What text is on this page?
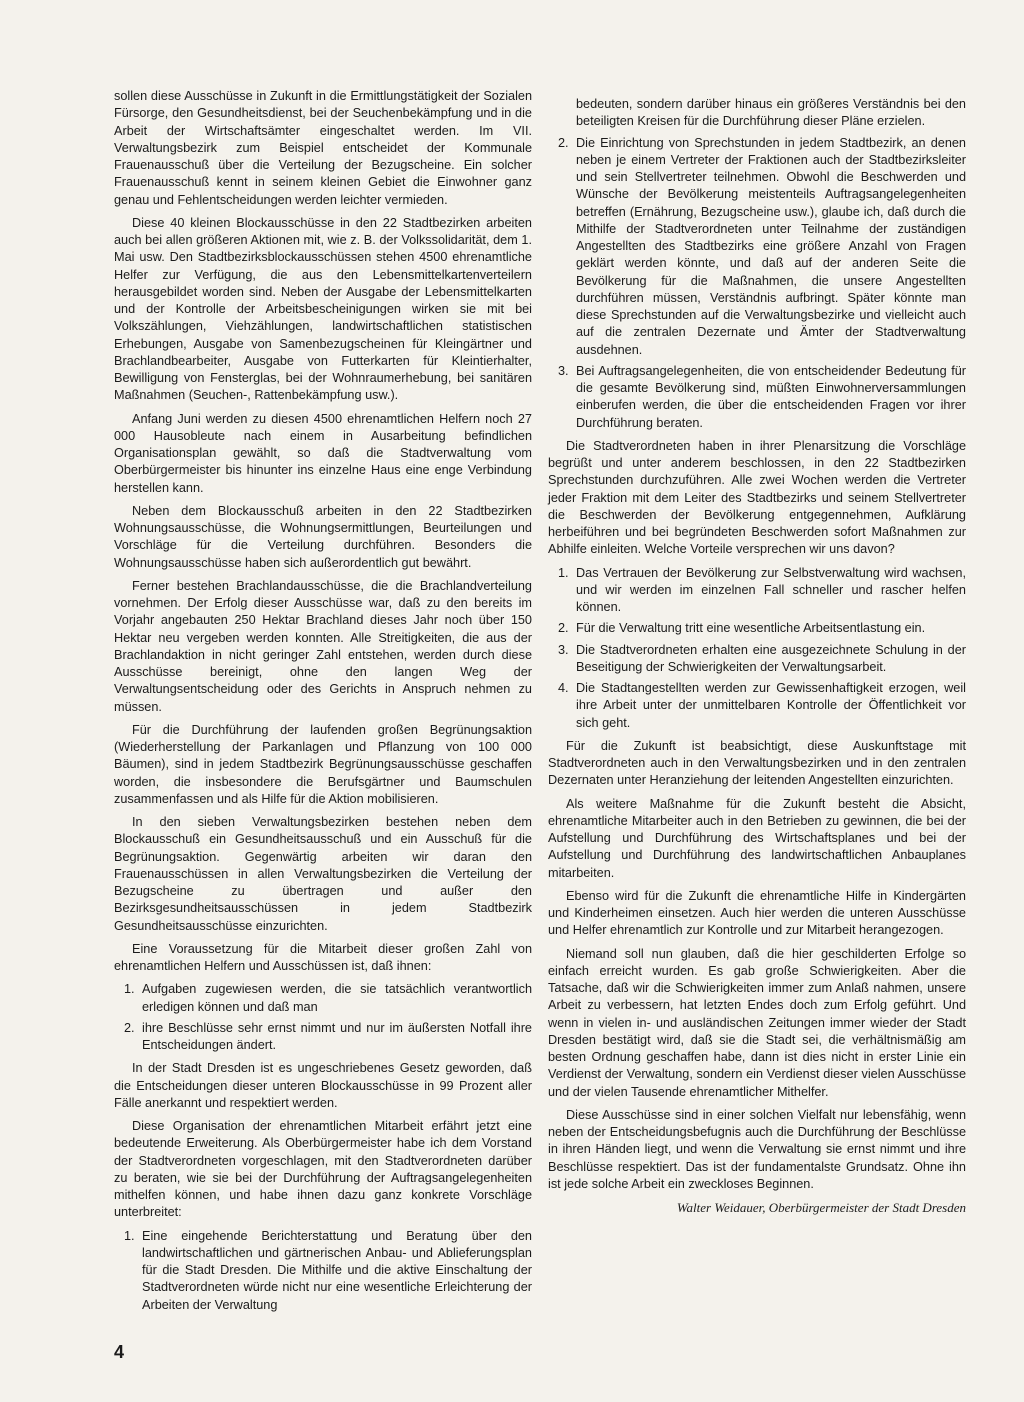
sollen diese Ausschüsse in Zukunft in die Ermittlungstätigkeit der Sozialen Fürsorge, den Gesundheitsdienst, bei der Seuchenbekämpfung und in die Arbeit der Wirtschaftsämter eingeschaltet werden. Im VII. Verwaltungsbezirk zum Beispiel entscheidet der Kommunale Frauenausschuß über die Verteilung der Bezugscheine. Ein solcher Frauenausschuß kennt in seinem kleinen Gebiet die Einwohner ganz genau und Fehlentscheidungen werden leichter vermieden.

Diese 40 kleinen Blockausschüsse in den 22 Stadtbezirken arbeiten auch bei allen größeren Aktionen mit, wie z. B. der Volkssolidarität, dem 1. Mai usw. Den Stadtbezirksblockausschüssen stehen 4500 ehrenamtliche Helfer zur Verfügung, die aus den Lebensmittelkartenverteilern herausgebildet worden sind. Neben der Ausgabe der Lebensmittelkarten und der Kontrolle der Arbeitsbescheinigungen wirken sie mit bei Volkszählungen, Viehzählungen, landwirtschaftlichen statistischen Erhebungen, Ausgabe von Samenbezugscheinen für Kleingärtner und Brachlandbearbeiter, Ausgabe von Futterkarten für Kleintierhalter, Bewilligung von Fensterglas, bei der Wohnraumerhebung, bei sanitären Maßnahmen (Seuchen-, Rattenbekämpfung usw.).

Anfang Juni werden zu diesen 4500 ehrenamtlichen Helfern noch 27 000 Hausobleute nach einem in Ausarbeitung befindlichen Organisationsplan gewählt, so daß die Stadtverwaltung vom Oberbürgermeister bis hinunter ins einzelne Haus eine enge Verbindung herstellen kann.

Neben dem Blockausschuß arbeiten in den 22 Stadtbezirken Wohnungsausschüsse, die Wohnungsermittlungen, Beurteilungen und Vorschläge für die Verteilung durchführen. Besonders die Wohnungsausschüsse haben sich außerordentlich gut bewährt.

Ferner bestehen Brachlandausschüsse, die die Brachlandverteilung vornehmen. Der Erfolg dieser Ausschüsse war, daß zu den bereits im Vorjahr angebauten 250 Hektar Brachland dieses Jahr noch über 150 Hektar neu vergeben werden konnten. Alle Streitigkeiten, die aus der Brachlandaktion in nicht geringer Zahl entstehen, werden durch diese Ausschüsse bereinigt, ohne den langen Weg der Verwaltungsentscheidung oder des Gerichts in Anspruch nehmen zu müssen.

Für die Durchführung der laufenden großen Begrünungsaktion (Wiederherstellung der Parkanlagen und Pflanzung von 100 000 Bäumen), sind in jedem Stadtbezirk Begrünungsausschüsse geschaffen worden, die insbesondere die Berufsgärtner und Baumschulen zusammenfassen und als Hilfe für die Aktion mobilisieren.

In den sieben Verwaltungsbezirken bestehen neben dem Blockausschuß ein Gesundheitsausschuß und ein Ausschuß für die Begrünungsaktion. Gegenwärtig arbeiten wir daran den Frauenausschüssen in allen Verwaltungsbezirken die Verteilung der Bezugscheine zu übertragen und außer den Bezirksgesundheitsausschüssen in jedem Stadtbezirk Gesundheitsausschüsse einzurichten.

Eine Voraussetzung für die Mitarbeit dieser großen Zahl von ehrenamtlichen Helfern und Ausschüssen ist, daß ihnen:

1. Aufgaben zugewiesen werden, die sie tatsächlich verantwortlich erledigen können und daß man
2. ihre Beschlüsse sehr ernst nimmt und nur im äußersten Notfall ihre Entscheidungen ändert.

In der Stadt Dresden ist es ungeschriebenes Gesetz geworden, daß die Entscheidungen dieser unteren Blockausschüsse in 99 Prozent aller Fälle anerkannt und respektiert werden.

Diese Organisation der ehrenamtlichen Mitarbeit erfährt jetzt eine bedeutende Erweiterung. Als Oberbürgermeister habe ich dem Vorstand der Stadtverordneten vorgeschlagen, mit den Stadtverordneten darüber zu beraten, wie sie bei der Durchführung der Auftragsangelegenheiten mithelfen können, und habe ihnen dazu ganz konkrete Vorschläge unterbreitet:

1. Eine eingehende Berichterstattung und Beratung über den landwirtschaftlichen und gärtnerischen Anbau- und Ablieferungsplan für die Stadt Dresden. Die Mithilfe und die aktive Einschaltung der Stadtverordneten würde nicht nur eine wesentliche Erleichterung der Arbeiten der Verwaltung
bedeuten, sondern darüber hinaus ein größeres Verständnis bei den beteiligten Kreisen für die Durchführung dieser Pläne erzielen.
2. Die Einrichtung von Sprechstunden in jedem Stadtbezirk, an denen neben je einem Vertreter der Fraktionen auch der Stadtbezirksleiter und sein Stellvertreter teilnehmen. Obwohl die Beschwerden und Wünsche der Bevölkerung meistenteils Auftragsangelegenheiten betreffen (Ernährung, Bezugscheine usw.), glaube ich, daß durch die Mithilfe der Stadtverordneten unter Teilnahme der zuständigen Angestellten des Stadtbezirks eine größere Anzahl von Fragen geklärt werden könnte, und daß auf der anderen Seite die Bevölkerung für die Maßnahmen, die unsere Angestellten durchführen müssen, Verständnis aufbringt. Später könnte man diese Sprechstunden auf die Verwaltungsbezirke und vielleicht auch auf die zentralen Dezernate und Ämter der Stadtverwaltung ausdehnen.
3. Bei Auftragsangelegenheiten, die von entscheidender Bedeutung für die gesamte Bevölkerung sind, müßten Einwohnerversammlungen einberufen werden, die über die entscheidenden Fragen vor ihrer Durchführung beraten.

Die Stadtverordneten haben in ihrer Plenarsitzung die Vorschläge begrüßt und unter anderem beschlossen, in den 22 Stadtbezirken Sprechstunden durchzuführen. Alle zwei Wochen werden die Vertreter jeder Fraktion mit dem Leiter des Stadtbezirks und seinem Stellvertreter die Beschwerden der Bevölkerung entgegennehmen, Aufklärung herbeiführen und bei begründeten Beschwerden sofort Maßnahmen zur Abhilfe einleiten. Welche Vorteile versprechen wir uns davon?

1. Das Vertrauen der Bevölkerung zur Selbstverwaltung wird wachsen, und wir werden im einzelnen Fall schneller und rascher helfen können.
2. Für die Verwaltung tritt eine wesentliche Arbeitsentlastung ein.
3. Die Stadtverordneten erhalten eine ausgezeichnete Schulung in der Beseitigung der Schwierigkeiten der Verwaltungsarbeit.
4. Die Stadtangestellten werden zur Gewissenhaftigkeit erzogen, weil ihre Arbeit unter der unmittelbaren Kontrolle der Öffentlichkeit vor sich geht.

Für die Zukunft ist beabsichtigt, diese Auskunftstage mit Stadtverordneten auch in den Verwaltungsbezirken und in den zentralen Dezernaten unter Heranziehung der leitenden Angestellten einzurichten.

Als weitere Maßnahme für die Zukunft besteht die Absicht, ehrenamtliche Mitarbeiter auch in den Betrieben zu gewinnen, die bei der Aufstellung und Durchführung des Wirtschaftsplanes und bei der Aufstellung und Durchführung des landwirtschaftlichen Anbauplanes mitarbeiten.

Ebenso wird für die Zukunft die ehrenamtliche Hilfe in Kindergärten und Kinderheimen einsetzen. Auch hier werden die unteren Ausschüsse und Helfer ehrenamtlich zur Kontrolle und zur Mitarbeit herangezogen.

Niemand soll nun glauben, daß die hier geschilderten Erfolge so einfach erreicht wurden. Es gab große Schwierigkeiten. Aber die Tatsache, daß wir die Schwierigkeiten immer zum Anlaß nahmen, unsere Arbeit zu verbessern, hat letzten Endes doch zum Erfolg geführt. Und wenn in vielen in- und ausländischen Zeitungen immer wieder der Stadt Dresden bestätigt wird, daß sie die Stadt sei, die verhältnismäßig am besten Ordnung geschaffen habe, dann ist dies nicht in erster Linie ein Verdienst der Verwaltung, sondern ein Verdienst dieser vielen Ausschüsse und der vielen Tausende ehrenamtlicher Mithelfer.

Diese Ausschüsse sind in einer solchen Vielfalt nur lebensfähig, wenn neben der Entscheidungsbefugnis auch die Durchführung der Beschlüsse in ihren Händen liegt, und wenn die Verwaltung sie ernst nimmt und ihre Beschlüsse respektiert. Das ist der fundamentalste Grundsatz. Ohne ihn ist jede solche Arbeit ein zweckloses Beginnen.

Walter Weidauer, Oberbürgermeister der Stadt Dresden
4
